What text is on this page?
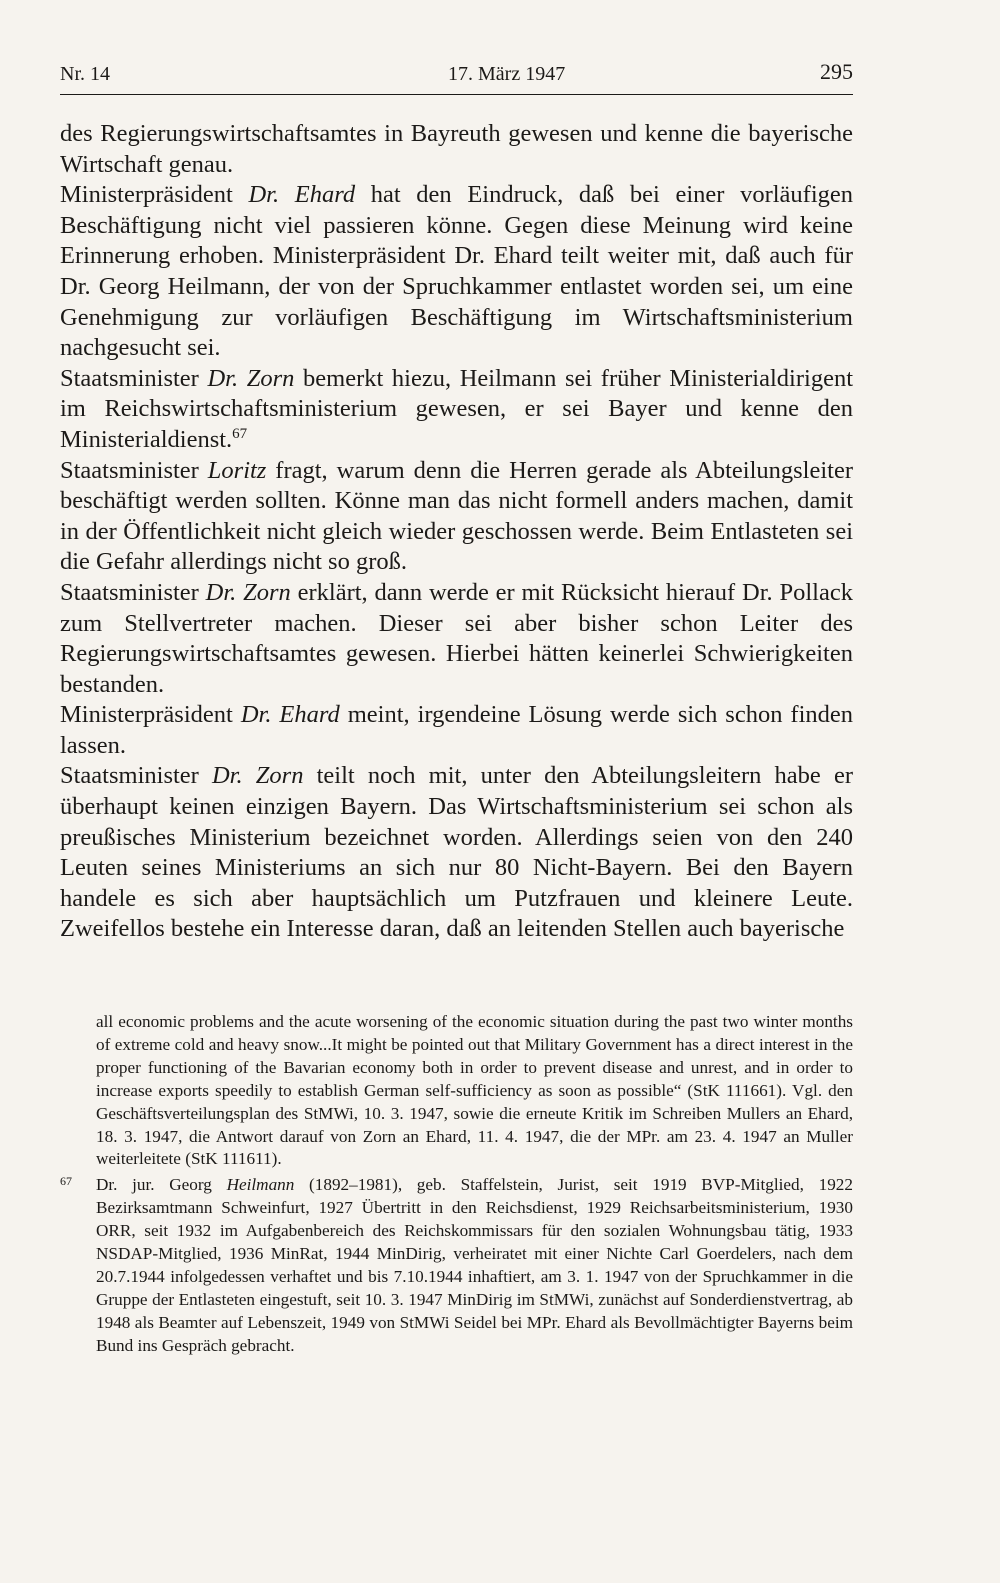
Nr. 14	17. März 1947	295

des Regierungswirtschaftsamtes in Bayreuth gewesen und kenne die bayerische Wirtschaft genau.

Ministerpräsident Dr. Ehard hat den Eindruck, daß bei einer vorläufigen Beschäftigung nicht viel passieren könne. Gegen diese Meinung wird keine Erinnerung erhoben. Ministerpräsident Dr. Ehard teilt weiter mit, daß auch für Dr. Georg Heilmann, der von der Spruchkammer entlastet worden sei, um eine Genehmigung zur vorläufigen Beschäftigung im Wirtschaftsministerium nachgesucht sei.

Staatsminister Dr. Zorn bemerkt hiezu, Heilmann sei früher Ministerialdirigent im Reichswirtschaftsministerium gewesen, er sei Bayer und kenne den Ministerialdienst.$^{67}$

Staatsminister Loritz fragt, warum denn die Herren gerade als Abteilungsleiter beschäftigt werden sollten. Könne man das nicht formell anders machen, damit in der Öffentlichkeit nicht gleich wieder geschossen werde. Beim Entlasteten sei die Gefahr allerdings nicht so groß.

Staatsminister Dr. Zorn erklärt, dann werde er mit Rücksicht hierauf Dr. Pollack zum Stellvertreter machen. Dieser sei aber bisher schon Leiter des Regierungswirtschaftsamtes gewesen. Hierbei hätten keinerlei Schwierigkeiten bestanden.

Ministerpräsident Dr. Ehard meint, irgendeine Lösung werde sich schon finden lassen.

Staatsminister Dr. Zorn teilt noch mit, unter den Abteilungsleitern habe er überhaupt keinen einzigen Bayern. Das Wirtschaftsministerium sei schon als preußisches Ministerium bezeichnet worden. Allerdings seien von den 240 Leuten seines Ministeriums an sich nur 80 Nicht-Bayern. Bei den Bayern handele es sich aber hauptsächlich um Putzfrauen und kleinere Leute. Zweifellos bestehe ein Interesse daran, daß an leitenden Stellen auch bayerische

all economic problems and the acute worsening of the economic situation during the past two winter months of extreme cold and heavy snow...It might be pointed out that Military Government has a direct interest in the proper functioning of the Bavarian economy both in order to prevent disease and unrest, and in order to increase exports speedily to establish German self-sufficiency as soon as possible“ (StK 111661). Vgl. den Geschäftsverteilungsplan des StMWi, 10. 3. 1947, sowie die erneute Kritik im Schreiben Mullers an Ehard, 18. 3. 1947, die Antwort darauf von Zorn an Ehard, 11. 4. 1947, die der MPr. am 23. 4. 1947 an Muller weiterleitete (StK 111611).

67 Dr. jur. Georg Heilmann (1892–1981), geb. Staffelstein, Jurist, seit 1919 BVP-Mitglied, 1922 Bezirksamtmann Schweinfurt, 1927 Übertritt in den Reichsdienst, 1929 Reichsarbeitsministerium, 1930 ORR, seit 1932 im Aufgabenbereich des Reichskommissars für den sozialen Wohnungsbau tätig, 1933 NSDAP-Mitglied, 1936 MinRat, 1944 MinDirig, verheiratet mit einer Nichte Carl Goerdelers, nach dem 20.7.1944 infolgedessen verhaftet und bis 7.10.1944 inhaftiert, am 3. 1. 1947 von der Spruchkammer in die Gruppe der Entlasteten eingestuft, seit 10. 3. 1947 MinDirig im StMWi, zunächst auf Sonderdienstvertrag, ab 1948 als Beamter auf Lebenszeit, 1949 von StMWi Seidel bei MPr. Ehard als Bevollmächtigter Bayerns beim Bund ins Gespräch gebracht.
